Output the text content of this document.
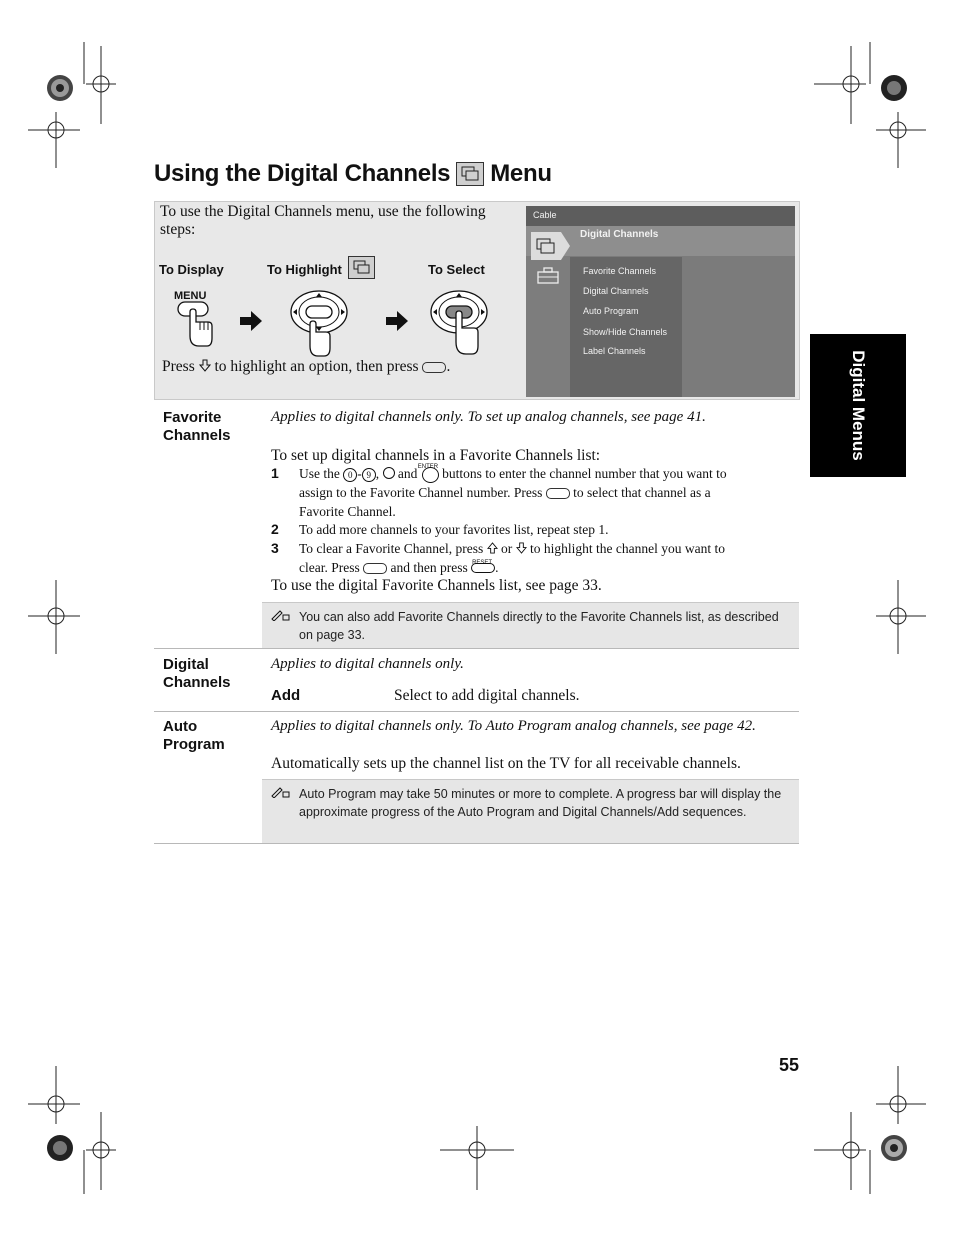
Using the Digital Channels Menu
To use the Digital Channels menu, use the following steps:
To Display	To Highlight	To Select
MENU
Press to highlight an option, then press .
Cable
Digital Channels
Favorite Channels
Digital Channels
Auto Program
Show/Hide Channels
Label Channels
Favorite Channels
Applies to digital channels only. To set up analog channels, see page 41.
To set up digital channels in a Favorite Channels list:
1 Use the 0 - 9 , and ENTER buttons to enter the channel number that you want to
assign to the Favorite Channel number. Press to select that channel as a
Favorite Channel.
2 To add more channels to your favorites list, repeat step 1.
3 To clear a Favorite Channel, press or to highlight the channel you want to
clear. Press and then press RESET .
To use the digital Favorite Channels list, see page 33.
You can also add Favorite Channels directly to the Favorite Channels list, as described on page 33.
Digital Channels
Applies to digital channels only.
Add	Select to add digital channels.
Auto Program
Applies to digital channels only. To Auto Program analog channels, see page 42.
Automatically sets up the channel list on the TV for all receivable channels.
Auto Program may take 50 minutes or more to complete. A progress bar will display the approximate progress of the Auto Program and Digital Channels/Add sequences.
Digital Menus
55
